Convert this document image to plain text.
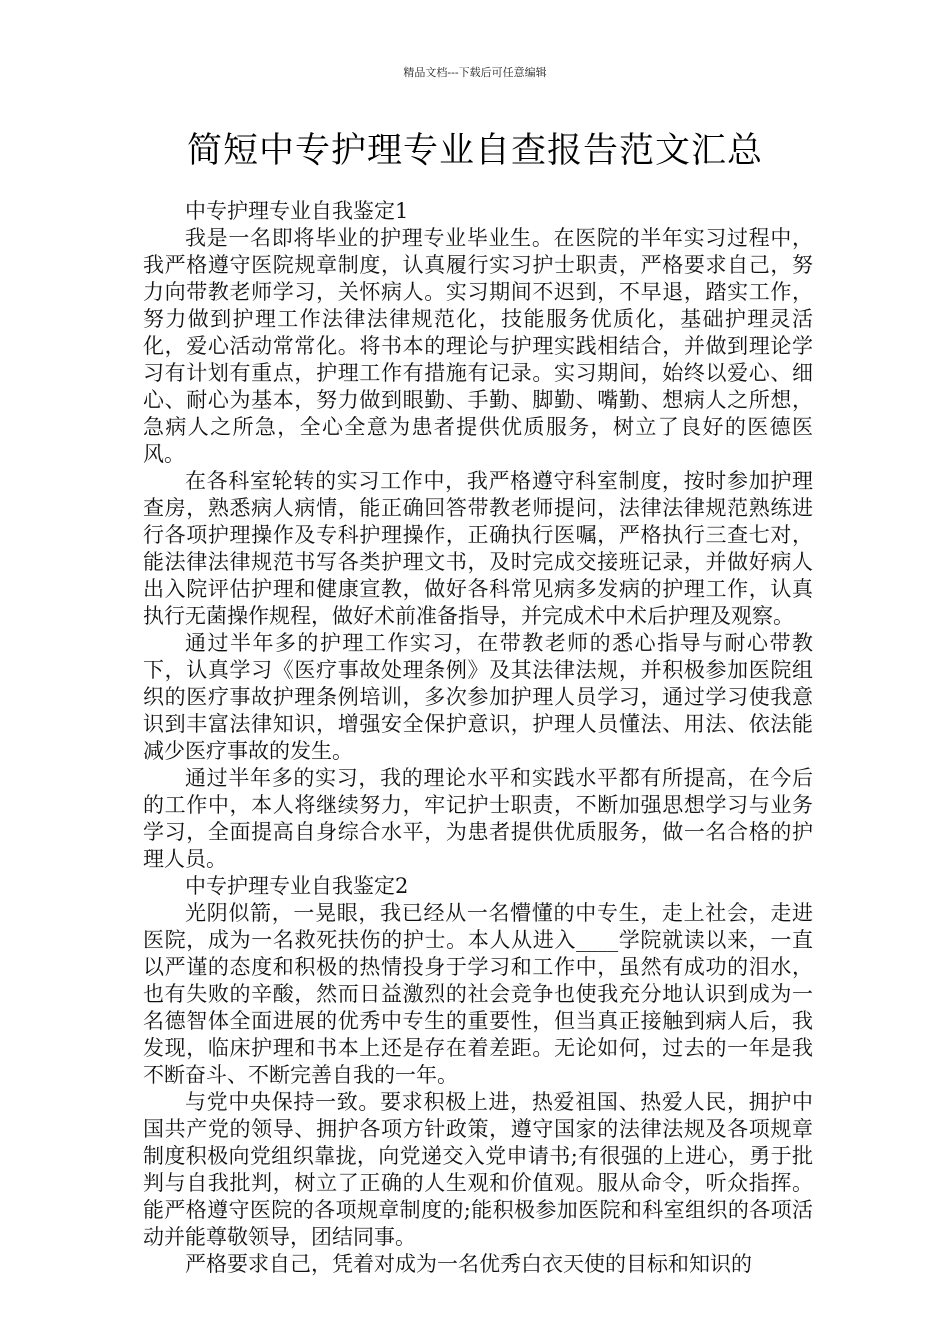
精品文档---下载后可任意编辑
简短中专护理专业自查报告范文汇总

中专护理专业自我鉴定1

我是一名即将毕业的护理专业毕业生。在医院的半年实习过程中，我严格遵守医院规章制度，认真履行实习护士职责，严格要求自己，努力向带教老师学习，关怀病人。实习期间不迟到，不早退，踏实工作，努力做到护理工作法律法律规范化，技能服务优质化，基础护理灵活化，爱心活动常常化。将书本的理论与护理实践相结合，并做到理论学习有计划有重点，护理工作有措施有记录。实习期间，始终以爱心、细心、耐心为基本，努力做到眼勤、手勤、脚勤、嘴勤、想病人之所想，急病人之所急，全心全意为患者提供优质服务，树立了良好的医德医风。

在各科室轮转的实习工作中，我严格遵守科室制度，按时参加护理查房，熟悉病人病情，能正确回答带教老师提问，法律法律规范熟练进行各项护理操作及专科护理操作，正确执行医嘱，严格执行三查七对，能法律法律规范书写各类护理文书，及时完成交接班记录，并做好病人出入院评估护理和健康宣教，做好各科常见病多发病的护理工作，认真执行无菌操作规程，做好术前准备指导，并完成术中术后护理及观察。

通过半年多的护理工作实习，在带教老师的悉心指导与耐心带教下，认真学习《医疗事故处理条例》及其法律法规，并积极参加医院组织的医疗事故护理条例培训，多次参加护理人员学习，通过学习使我意识到丰富法律知识，增强安全保护意识，护理人员懂法、用法、依法能减少医疗事故的发生。

通过半年多的实习，我的理论水平和实践水平都有所提高，在今后的工作中，本人将继续努力，牢记护士职责，不断加强思想学习与业务学习，全面提高自身综合水平，为患者提供优质服务，做一名合格的护理人员。

中专护理专业自我鉴定2

光阴似箭，一晃眼，我已经从一名懵懂的中专生，走上社会，走进医院，成为一名救死扶伤的护士。本人从进入____学院就读以来，一直以严谨的态度和积极的热情投身于学习和工作中，虽然有成功的泪水，也有失败的辛酸，然而日益激烈的社会竞争也使我充分地认识到成为一名德智体全面进展的优秀中专生的重要性，但当真正接触到病人后，我发现，临床护理和书本上还是存在着差距。无论如何，过去的一年是我不断奋斗、不断完善自我的一年。

与党中央保持一致。要求积极上进，热爱祖国、热爱人民，拥护中国共产党的领导、拥护各项方针政策，遵守国家的法律法规及各项规章制度积极向党组织靠拢，向党递交入党申请书;有很强的上进心，勇于批判与自我批判，树立了正确的人生观和价值观。服从命令，听众指挥。能严格遵守医院的各项规章制度的;能积极参加医院和科室组织的各项活动并能尊敬领导，团结同事。

严格要求自己，凭着对成为一名优秀白衣天使的目标和知识的
